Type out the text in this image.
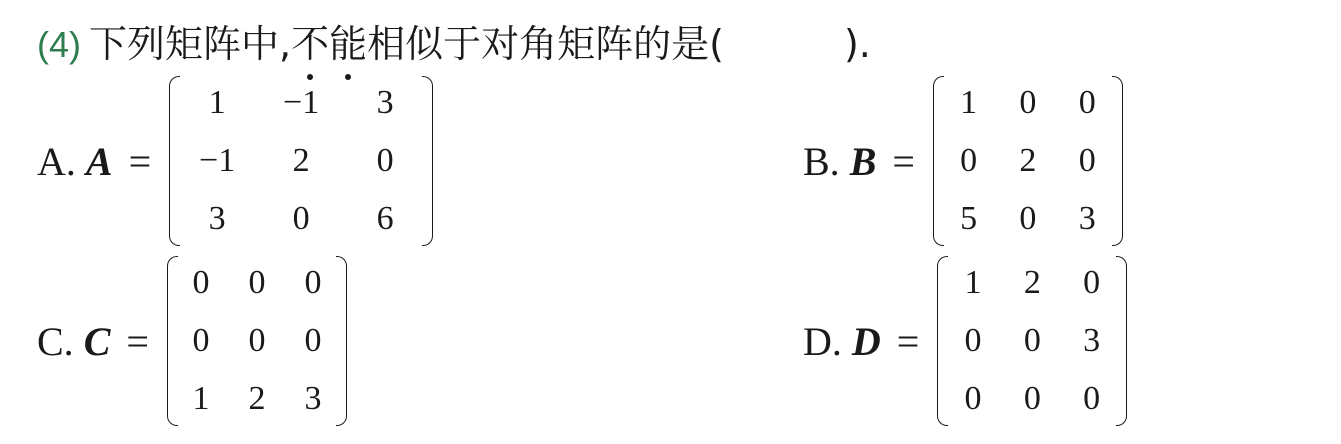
(4) 下列矩阵中,不能相似于对角矩阵的是(	).
A. A =
1 −1 3
−1 2 0
3 0 6
B. B =
1 0 0
0 2 0
5 0 3
C. C =
0 0 0
0 0 0
1 2 3
D. D =
1 2 0
0 0 3
0 0 0
